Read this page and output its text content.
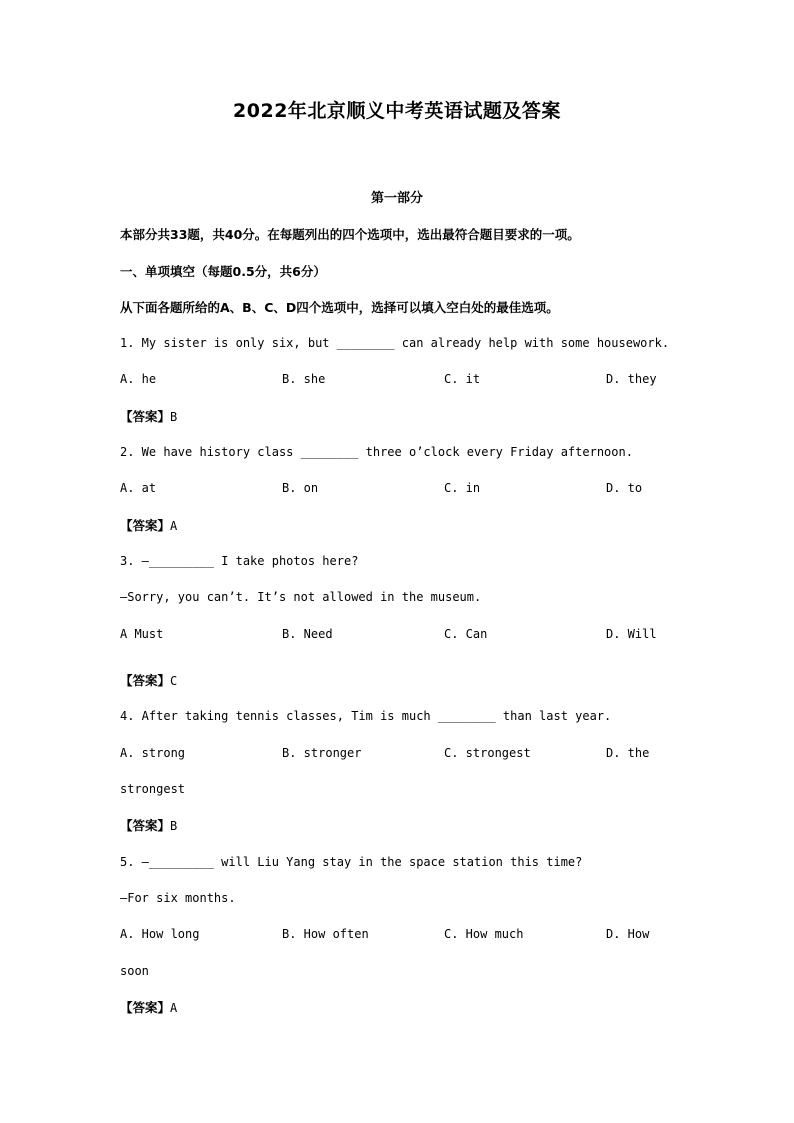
2022年北京顺义中考英语试题及答案
第一部分
本部分共33题，共40分。在每题列出的四个选项中，选出最符合题目要求的一项。
一、单项填空（每题0.5分，共6分）
从下面各题所给的A、B、C、D四个选项中，选择可以填入空白处的最佳选项。
1. My sister is only six, but ________ can already help with some housework.
A. he	B. she	C. it	D. they
【答案】B
2. We have history class ________ three o’clock every Friday afternoon.
A. at	B. on	C. in	D. to
【答案】A
3. —_________ I take photos here?
—Sorry, you can’t. It’s not allowed in the museum.
A Must	B. Need	C. Can	D. Will
【答案】C
4. After taking tennis classes, Tim is much ________ than last year.
A. strong	B. stronger	C. strongest	D. the
strongest
【答案】B
5. —_________ will Liu Yang stay in the space station this time?
—For six months.
A. How long	B. How often	C. How much	D. How
soon
【答案】A
